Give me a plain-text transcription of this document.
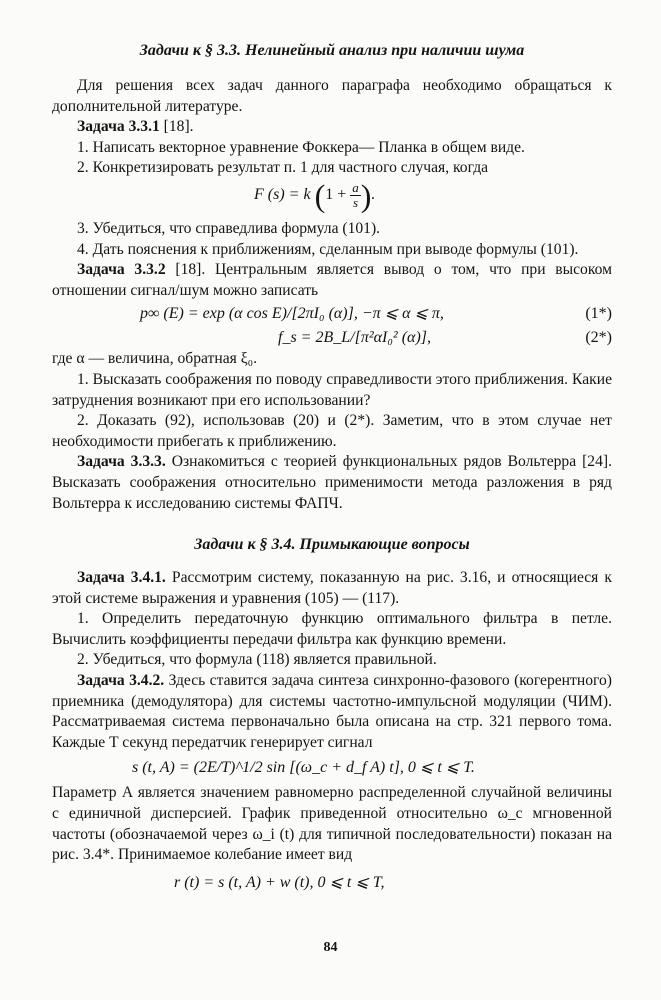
Задачи к § 3.3. Нелинейный анализ при наличии шума

Для решения всех задач данного параграфа необходимо обращаться к дополнительной литературе.

Задача 3.3.1 [18].

1. Написать векторное уравнение Фоккера— Планка в общем виде.

2. Конкретизировать результат п. 1 для частного случая, когда

F (s) = k ($1 + \frac{a}{s}$ ).

3. Убедиться, что справедлива формула (101).

4. Дать пояснения к приближениям, сделанным при выводе формулы (101).

Задача 3.3.2 [18]. Центральным является вывод о том, что при высоком отношении сигнал/шум можно записать

p∞ (E) = exp (α cos E)/[2πI₀ (α)], −π ⩽ α ⩽ π,	(1*)
f_s = 2B_L/[π²αI₀² (α)],	(2*)

где α — величина, обратная ξ₀.

1. Высказать соображения по поводу справедливости этого приближения. Какие затруднения возникают при его использовании?

2. Доказать (92), использовав (20) и (2*). Заметим, что в этом случае нет необходимости прибегать к приближению.

Задача 3.3.3. Ознакомиться с теорией функциональных рядов Вольтерра [24]. Высказать соображения относительно применимости метода разложения в ряд Вольтерра к исследованию системы ФАПЧ.

Задачи к § 3.4. Примыкающие вопросы

Задача 3.4.1. Рассмотрим систему, показанную на рис. 3.16, и относящиеся к этой системе выражения и уравнения (105) — (117).

1. Определить передаточную функцию оптимального фильтра в петле. Вычислить коэффициенты передачи фильтра как функцию времени.

2. Убедиться, что формула (118) является правильной.

Задача 3.4.2. Здесь ставится задача синтеза синхронно-фазового (когерентного) приемника (демодулятора) для системы частотно-импульсной модуляции (ЧИМ). Рассматриваемая система первоначально была описана на стр. 321 первого тома. Каждые T секунд передатчик генерирует сигнал

s (t, A) = (2E/T)^1/2 sin [(ω_c + d_f A) t], 0 ⩽ t ⩽ T.

Параметр A является значением равномерно распределенной случайной величины с единичной дисперсией. График приведенной относительно ω_c мгновенной частоты (обозначаемой через ω_i (t) для типичной последовательности) показан на рис. 3.4*. Принимаемое колебание имеет вид

r (t) = s (t, A) + w (t), 0 ⩽ t ⩽ T,
84
